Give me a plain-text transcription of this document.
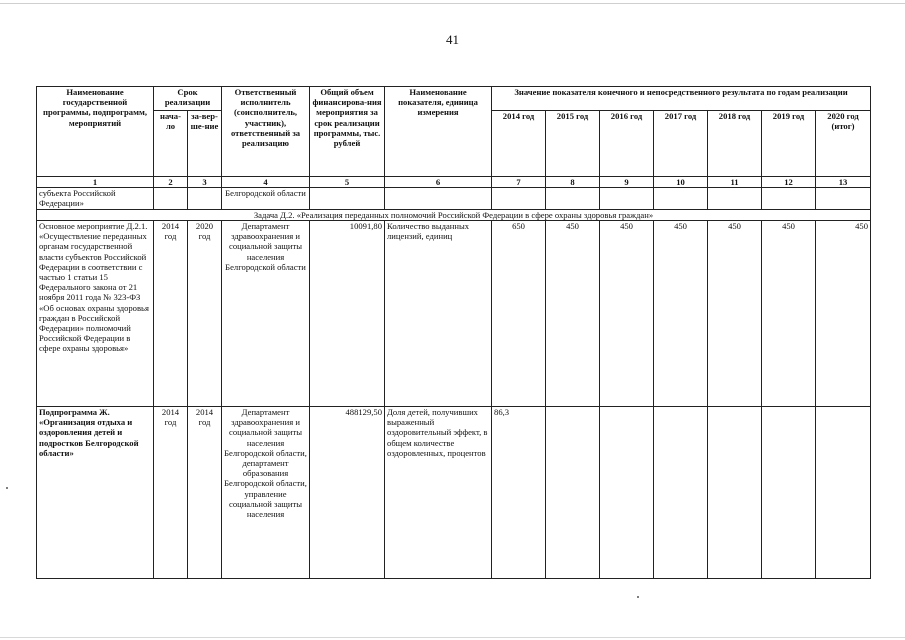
41
Наименование государственной программы, подпрограмм, мероприятий	Срок реализации		Ответственный исполнитель (соисполнитель, участник), ответственный за реализацию	Общий объем финансирова-ния мероприятия за срок реализации программы, тыс. рублей	Наименование показателя, единица измерения	Значение показателя конечного и непосредственного результата по годам реализации						
	нача-ло	за-вер-ше-ние				2014 год	2015 год	2016 год	2017 год	2018 год	2019 год	2020 год (итог)
1	2	3	4	5	6	7	8	9	10	11	12	13
субъекта Российской Федерации»			Белгородской области									
Задача Д.2. «Реализация переданных полномочий Российской Федерации в сфере охраны здоровья граждан»												
Основное мероприятие Д.2.1. «Осуществление переданных органам государственной власти субъектов Российской Федерации в соответствии с частью 1 статьи 15 Федерального закона от 21 ноября 2011 года № 323-ФЗ «Об основах охраны здоровья граждан в Российской Федерации» полномочий Российской Федерации в сфере охраны здоровья»	2014 год	2020 год	Департамент здравоохранения и социальной защиты населения Белгородской области	10091,80	Количество выданных лицензий, единиц	650	450	450	450	450	450	450
Подпрограмма Ж. «Организация отдыха и оздоровления детей и подростков Белгородской области»	2014 год	2014 год	Департамент здравоохранения и социальной защиты населения Белгородской области, департамент образования Белгородской области, управление социальной защиты населения	488129,50	Доля детей, получивших выраженный оздоровительный эффект, в общем количестве оздоровленных, процентов	86,3						
